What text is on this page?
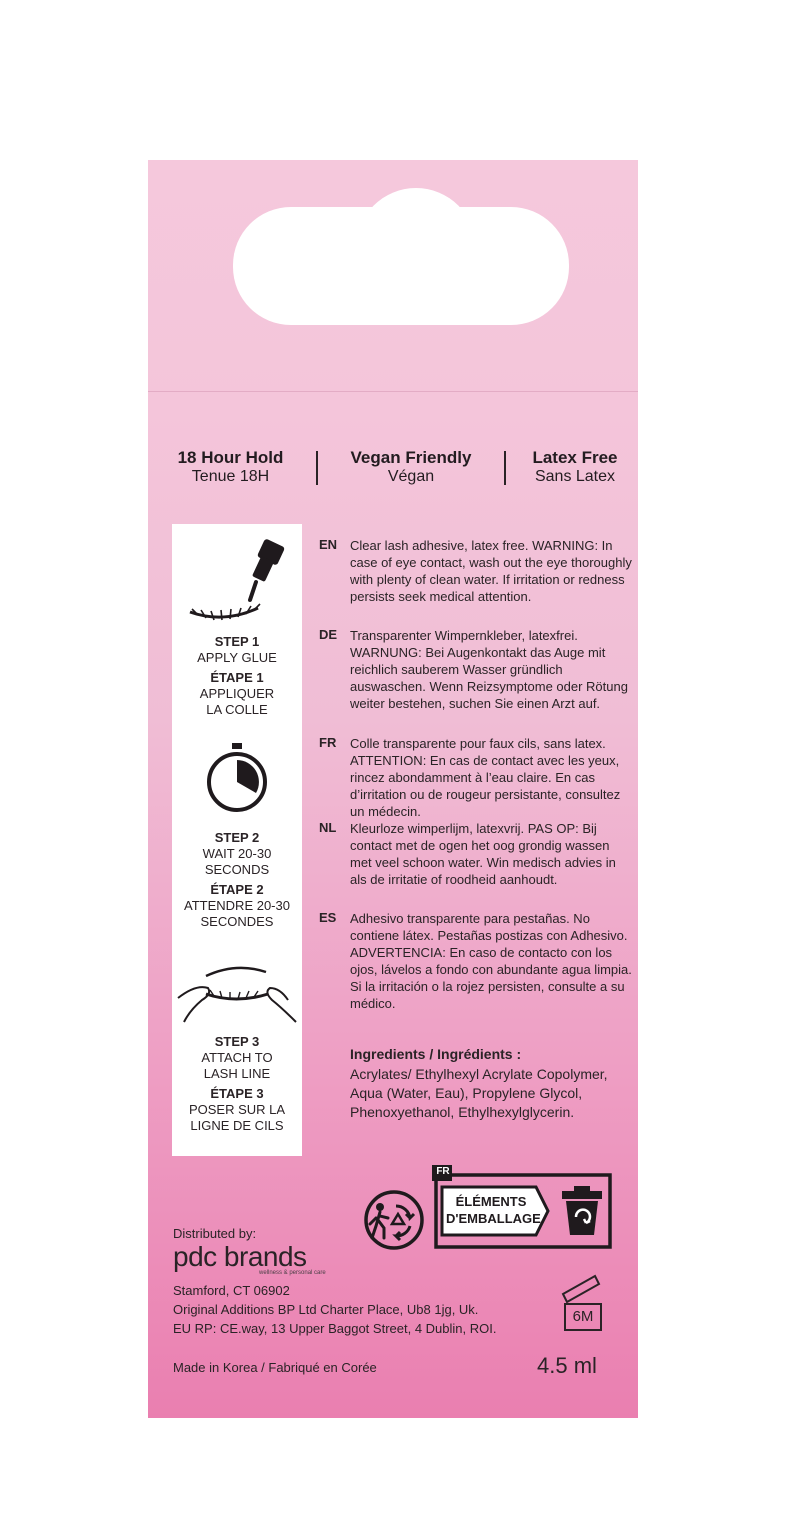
18 Hour Hold
Tenue 18H
Vegan Friendly
Végan
Latex Free
Sans Latex
STEP 1
APPLY GLUE
ÉTAPE 1
APPLIQUER
LA COLLE
STEP 2
WAIT 20-30
SECONDS
ÉTAPE 2
ATTENDRE 20-30
SECONDES
STEP 3
ATTACH TO
LASH LINE
ÉTAPE 3
POSER SUR LA
LIGNE DE CILS
EN Clear lash adhesive, latex free. WARNING: In case of eye contact, wash out the eye thoroughly with plenty of clean water. If irritation or redness persists seek medical attention.
DE Transparenter Wimpernkleber, latexfrei. WARNUNG: Bei Augenkontakt das Auge mit reichlich sauberem Wasser gründlich auswaschen. Wenn Reizsymptome oder Rötung weiter bestehen, suchen Sie einen Arzt auf.
FR Colle transparente pour faux cils, sans latex. ATTENTION: En cas de contact avec les yeux, rincez abondamment à l’eau claire. En cas d’irritation ou de rougeur persistante, consultez un médecin.
NL Kleurloze wimperlijm, latexvrij. PAS OP: Bij contact met de ogen het oog grondig wassen met veel schoon water. Win medisch advies in als de irritatie of roodheid aanhoudt.
ES Adhesivo transparente para pestañas. No contiene látex. Pestañas postizas con Adhesivo. ADVERTENCIA: En caso de contacto con los ojos, lávelos a fondo con abundante agua limpia. Si la irritación o la rojez persisten, consulte a su médico.
Ingredients / Ingrédients :
Acrylates/ Ethylhexyl Acrylate Copolymer, Aqua (Water, Eau), Propylene Glycol, Phenoxyethanol, Ethylhexylglycerin.
FR
ÉLÉMENTS
D'EMBALLAGE
Distributed by:
pdc brands
wellness & personal care
Stamford, CT 06902
Original Additions BP Ltd Charter Place, Ub8 1jg, Uk.
EU RP: CE.way, 13 Upper Baggot Street, 4 Dublin, ROI.
6M
Made in Korea / Fabriqué en Corée	4.5 ml
